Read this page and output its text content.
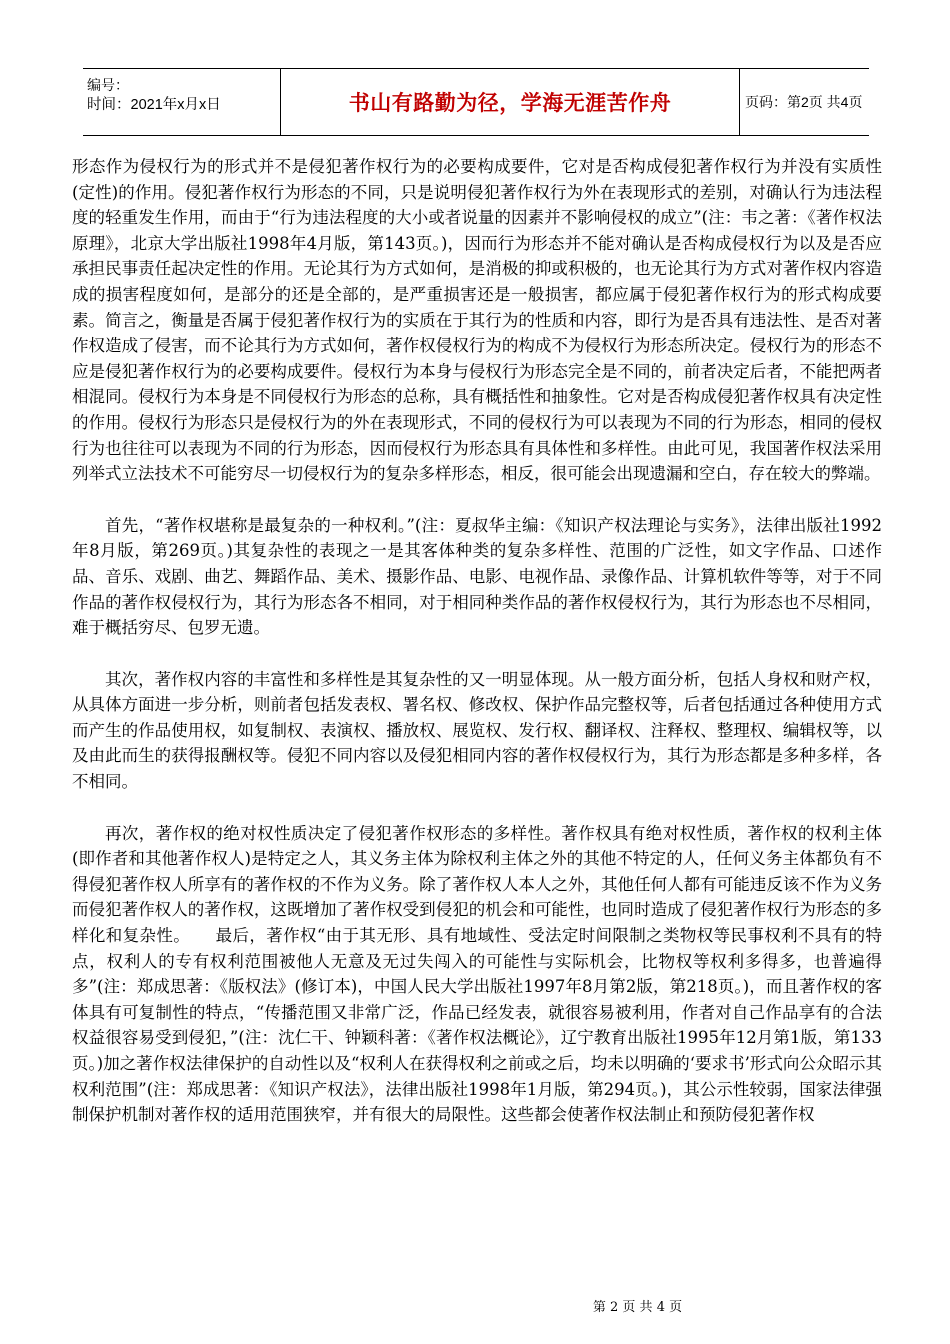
编号：
时间：2021年x月x日	书山有路勤为径，学海无涯苦作舟	页码：第2页 共4页

形态作为侵权行为的形式并不是侵犯著作权行为的必要构成要件，它对是否构成侵犯著作权行为并没有实质性(定性)的作用。侵犯著作权行为形态的不同，只是说明侵犯著作权行为外在表现形式的差别，对确认行为违法程度的轻重发生作用，而由于“行为违法程度的大小或者说量的因素并不影响侵权的成立”(注：韦之著：《著作权法原理》，北京大学出版社1998年4月版，第143页。)，因而行为形态并不能对确认是否构成侵权行为以及是否应承担民事责任起决定性的作用。无论其行为方式如何，是消极的抑或积极的，也无论其行为方式对著作权内容造成的损害程度如何，是部分的还是全部的，是严重损害还是一般损害，都应属于侵犯著作权行为的形式构成要素。简言之，衡量是否属于侵犯著作权行为的实质在于其行为的性质和内容，即行为是否具有违法性、是否对著作权造成了侵害，而不论其行为方式如何，著作权侵权行为的构成不为侵权行为形态所决定。侵权行为的形态不应是侵犯著作权行为的必要构成要件。侵权行为本身与侵权行为形态完全是不同的，前者决定后者，不能把两者相混同。侵权行为本身是不同侵权行为形态的总称，具有概括性和抽象性。它对是否构成侵犯著作权具有决定性的作用。侵权行为形态只是侵权行为的外在表现形式，不同的侵权行为可以表现为不同的行为形态，相同的侵权行为也往往可以表现为不同的行为形态，因而侵权行为形态具有具体性和多样性。由此可见，我国著作权法采用列举式立法技术不可能穷尽一切侵权行为的复杂多样形态，相反，很可能会出现遗漏和空白，存在较大的弊端。

首先，“著作权堪称是最复杂的一种权利。”(注：夏叔华主编：《知识产权法理论与实务》，法律出版社1992年8月版，第269页。)其复杂性的表现之一是其客体种类的复杂多样性、范围的广泛性，如文字作品、口述作品、音乐、戏剧、曲艺、舞蹈作品、美术、摄影作品、电影、电视作品、录像作品、计算机软件等等，对于不同作品的著作权侵权行为，其行为形态各不相同，对于相同种类作品的著作权侵权行为，其行为形态也不尽相同，难于概括穷尽、包罗无遗。

其次，著作权内容的丰富性和多样性是其复杂性的又一明显体现。从一般方面分析，包括人身权和财产权，从具体方面进一步分析，则前者包括发表权、署名权、修改权、保护作品完整权等，后者包括通过各种使用方式而产生的作品使用权，如复制权、表演权、播放权、展览权、发行权、翻译权、注释权、整理权、编辑权等，以及由此而生的获得报酬权等。侵犯不同内容以及侵犯相同内容的著作权侵权行为，其行为形态都是多种多样，各不相同。

再次，著作权的绝对权性质决定了侵犯著作权形态的多样性。著作权具有绝对权性质，著作权的权利主体(即作者和其他著作权人)是特定之人，其义务主体为除权利主体之外的其他不特定的人，任何义务主体都负有不得侵犯著作权人所享有的著作权的不作为义务。除了著作权人本人之外，其他任何人都有可能违反该不作为义务而侵犯著作权人的著作权，这既增加了著作权受到侵犯的机会和可能性，也同时造成了侵犯著作权行为形态的多样化和复杂性。　　最后，著作权“由于其无形、具有地域性、受法定时间限制之类物权等民事权利不具有的特点，权利人的专有权利范围被他人无意及无过失闯入的可能性与实际机会，比物权等权利多得多，也普遍得多”(注：郑成思著：《版权法》(修订本)，中国人民大学出版社1997年8月第2版，第218页。)，而且著作权的客体具有可复制性的特点，“传播范围又非常广泛，作品已经发表，就很容易被利用，作者对自己作品享有的合法权益很容易受到侵犯，”(注：沈仁干、钟颖科著：《著作权法概论》，辽宁教育出版社1995年12月第1版，第133页。)加之著作权法律保护的自动性以及“权利人在获得权利之前或之后，均未以明确的‘要求书’形式向公众昭示其权利范围”(注：郑成思著：《知识产权法》，法律出版社1998年1月版，第294页。)，其公示性较弱，国家法律强制保护机制对著作权的适用范围狭窄，并有很大的局限性。这些都会使著作权法制止和预防侵犯著作权

第 2 页 共 4 页
